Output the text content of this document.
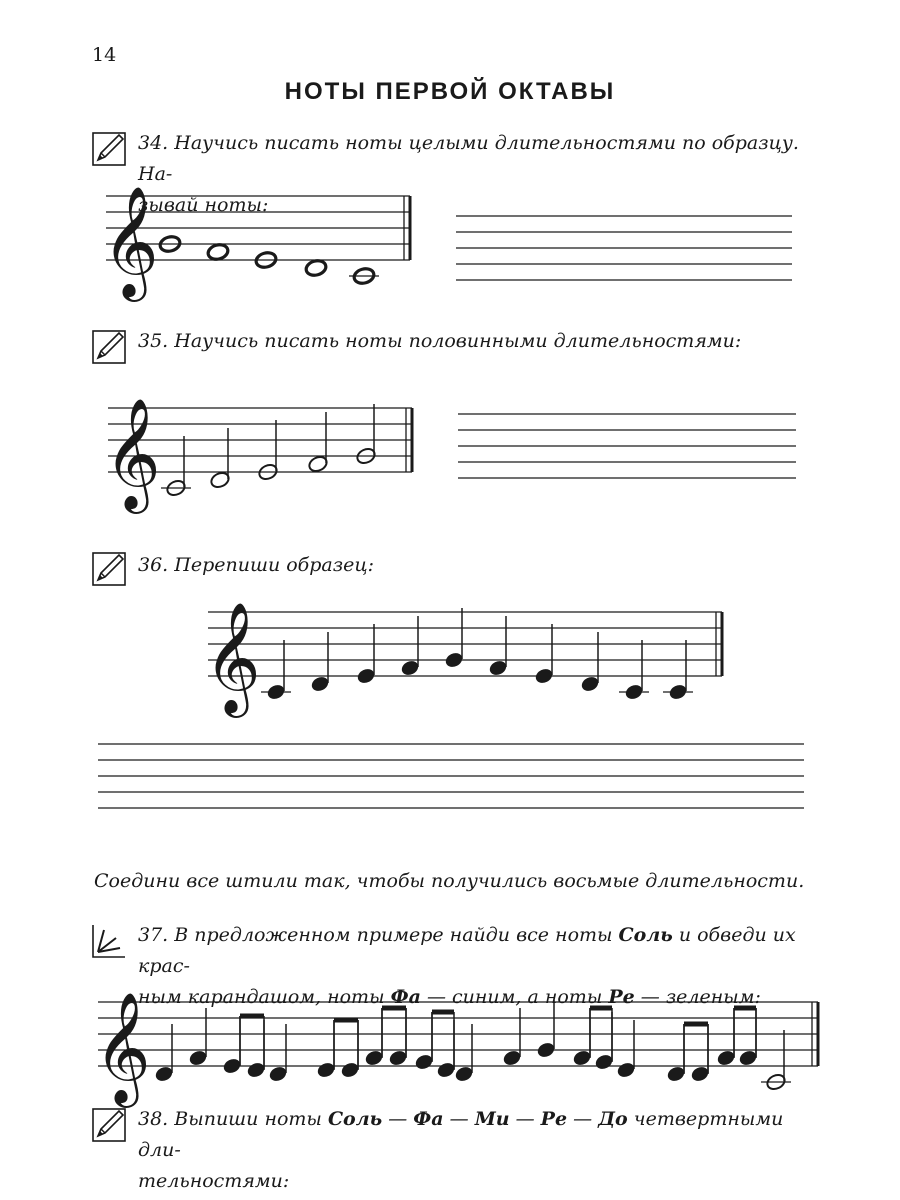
14
НОТЫ ПЕРВОЙ ОКТАВЫ
34. Научись писать ноты целыми длительностями по образцу. На-
зывай ноты:
35. Научись писать ноты половинными длительностями:
36. Перепиши образец:
Соедини все штили так, чтобы получились восьмые длительности.
37. В предложенном примере найди все ноты Соль и обведи их крас-
ным карандашом, ноты Фа — синим, а ноты Ре — зеленым:
38. Выпиши ноты Соль — Фа — Ми — Ре — До четвертными дли-
тельностями:
𝄞
𝄞
𝄞
𝄞
